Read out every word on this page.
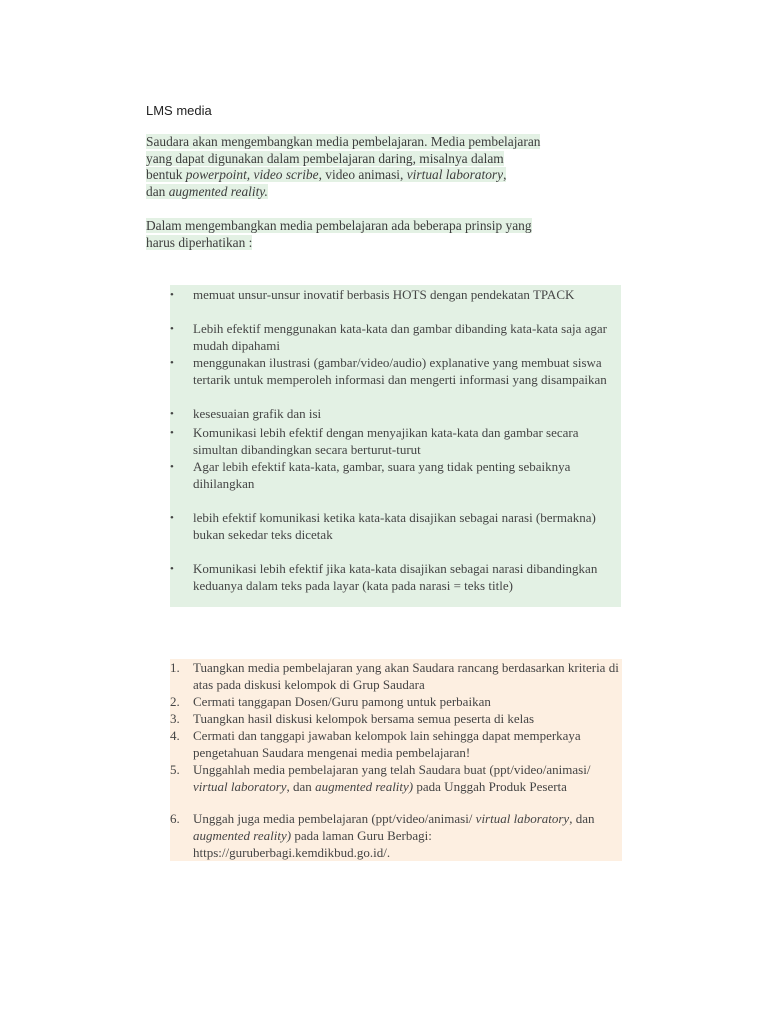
LMS media
Saudara akan mengembangkan media pembelajaran. Media pembelajaran
yang dapat digunakan dalam pembelajaran daring, misalnya dalam
bentuk powerpoint, video scribe, video animasi, virtual laboratory,
dan augmented reality.
Dalam mengembangkan media pembelajaran ada beberapa prinsip yang
harus diperhatikan :
•	memuat unsur-unsur inovatif berbasis HOTS dengan pendekatan TPACK
•	Lebih efektif menggunakan kata-kata dan gambar dibanding kata-kata saja agar mudah dipahami
•	menggunakan ilustrasi (gambar/video/audio) explanative yang membuat siswa tertarik untuk memperoleh informasi dan mengerti informasi yang disampaikan
•	kesesuaian grafik dan isi
•	Komunikasi lebih efektif dengan menyajikan kata-kata dan gambar secara simultan dibandingkan secara berturut-turut
•	Agar lebih efektif kata-kata, gambar, suara yang tidak penting sebaiknya dihilangkan
•	lebih efektif komunikasi ketika kata-kata disajikan sebagai narasi (bermakna) bukan sekedar teks dicetak
•	Komunikasi lebih efektif jika kata-kata disajikan sebagai narasi dibandingkan keduanya dalam teks pada layar (kata pada narasi = teks title)
1.	Tuangkan media pembelajaran yang akan Saudara rancang berdasarkan kriteria di atas pada diskusi kelompok di Grup Saudara
2.	Cermati tanggapan Dosen/Guru pamong untuk perbaikan
3.	Tuangkan hasil diskusi kelompok bersama semua peserta di kelas
4.	Cermati dan tanggapi jawaban kelompok lain sehingga dapat memperkaya pengetahuan Saudara mengenai media pembelajaran!
5.	Unggahlah media pembelajaran yang telah Saudara buat (ppt/video/animasi/ virtual laboratory, dan augmented reality) pada Unggah Produk Peserta
6.	Unggah juga media pembelajaran (ppt/video/animasi/ virtual laboratory, dan augmented reality) pada laman Guru Berbagi: https://guruberbagi.kemdikbud.go.id/.
